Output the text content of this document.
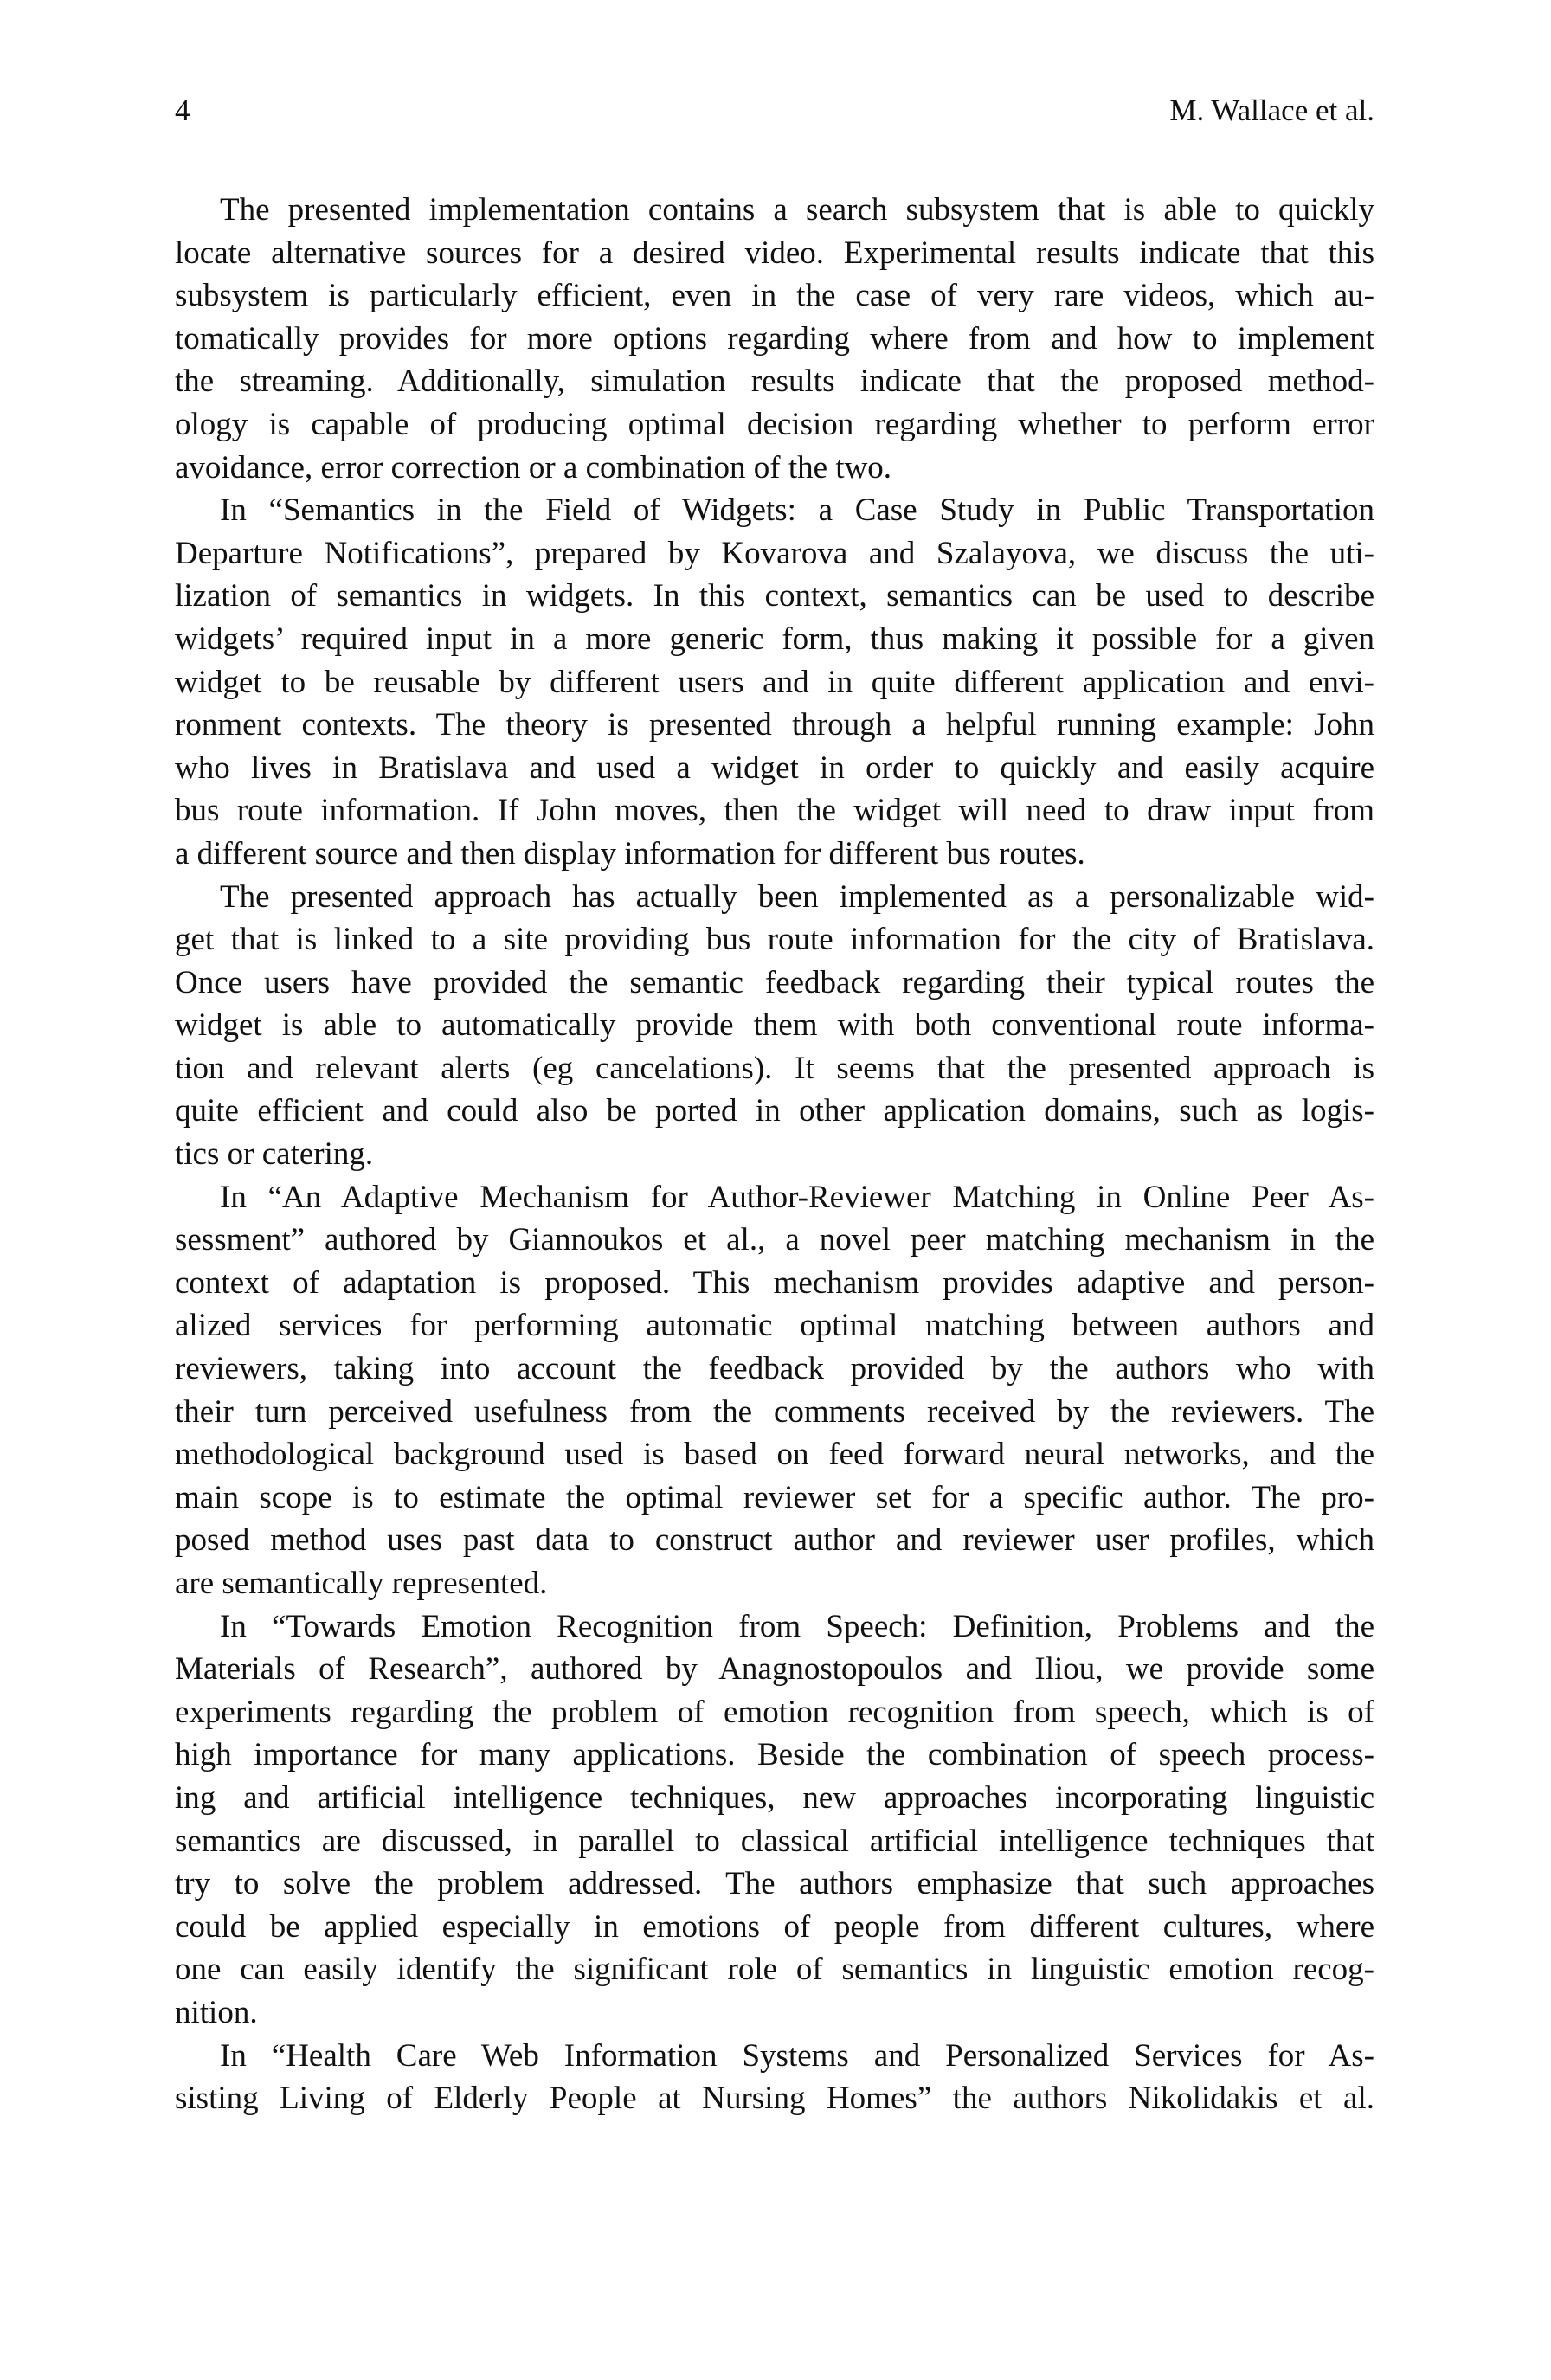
4	M. Wallace et al.
The presented implementation contains a search subsystem that is able to quickly
locate alternative sources for a desired video. Experimental results indicate that this
subsystem is particularly efficient, even in the case of very rare videos, which au-
tomatically provides for more options regarding where from and how to implement
the streaming. Additionally, simulation results indicate that the proposed method-
ology is capable of producing optimal decision regarding whether to perform error
avoidance, error correction or a combination of the two.
In “Semantics in the Field of Widgets: a Case Study in Public Transportation
Departure Notifications”, prepared by Kovarova and Szalayova, we discuss the uti-
lization of semantics in widgets. In this context, semantics can be used to describe
widgets’ required input in a more generic form, thus making it possible for a given
widget to be reusable by different users and in quite different application and envi-
ronment contexts. The theory is presented through a helpful running example: John
who lives in Bratislava and used a widget in order to quickly and easily acquire
bus route information. If John moves, then the widget will need to draw input from
a different source and then display information for different bus routes.
The presented approach has actually been implemented as a personalizable wid-
get that is linked to a site providing bus route information for the city of Bratislava.
Once users have provided the semantic feedback regarding their typical routes the
widget is able to automatically provide them with both conventional route informa-
tion and relevant alerts (eg cancelations). It seems that the presented approach is
quite efficient and could also be ported in other application domains, such as logis-
tics or catering.
In “An Adaptive Mechanism for Author-Reviewer Matching in Online Peer As-
sessment” authored by Giannoukos et al., a novel peer matching mechanism in the
context of adaptation is proposed. This mechanism provides adaptive and person-
alized services for performing automatic optimal matching between authors and
reviewers, taking into account the feedback provided by the authors who with
their turn perceived usefulness from the comments received by the reviewers. The
methodological background used is based on feed forward neural networks, and the
main scope is to estimate the optimal reviewer set for a specific author. The pro-
posed method uses past data to construct author and reviewer user profiles, which
are semantically represented.
In “Towards Emotion Recognition from Speech: Definition, Problems and the
Materials of Research”, authored by Anagnostopoulos and Iliou, we provide some
experiments regarding the problem of emotion recognition from speech, which is of
high importance for many applications. Beside the combination of speech process-
ing and artificial intelligence techniques, new approaches incorporating linguistic
semantics are discussed, in parallel to classical artificial intelligence techniques that
try to solve the problem addressed. The authors emphasize that such approaches
could be applied especially in emotions of people from different cultures, where
one can easily identify the significant role of semantics in linguistic emotion recog-
nition.
In “Health Care Web Information Systems and Personalized Services for As-
sisting Living of Elderly People at Nursing Homes” the authors Nikolidakis et al.
